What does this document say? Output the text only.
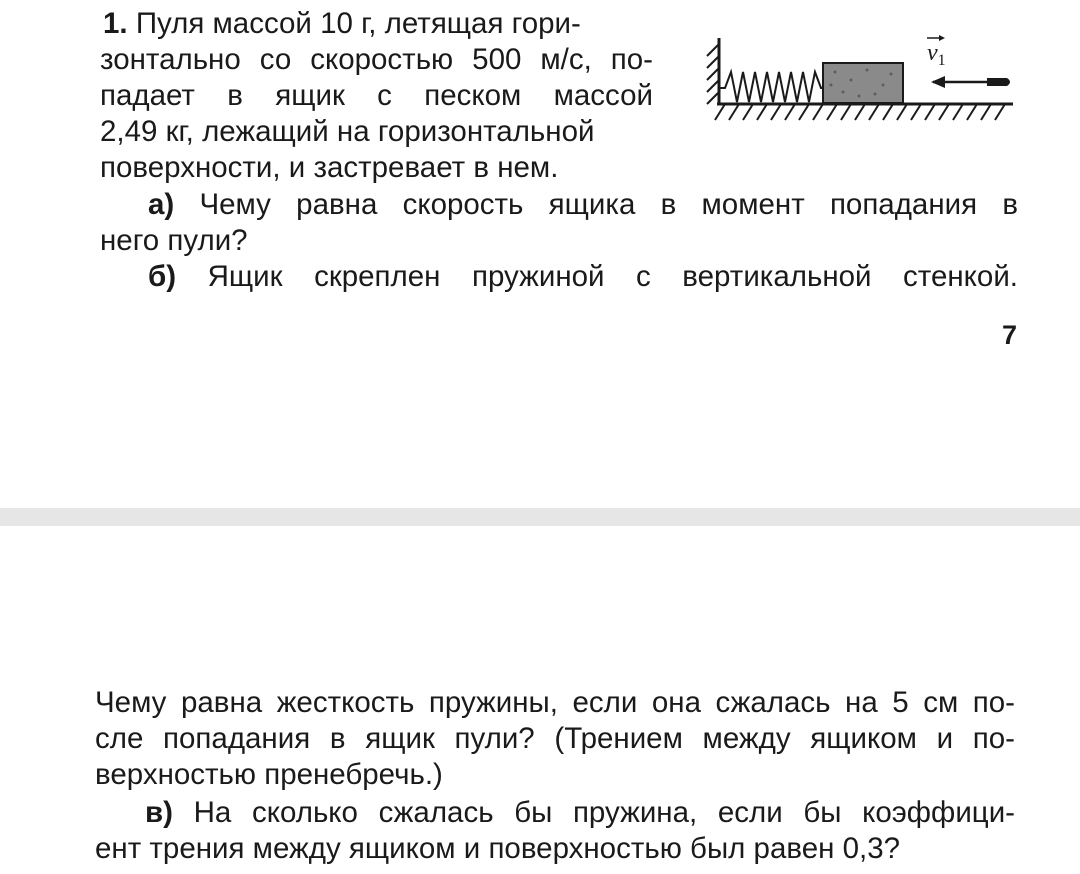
1. Пуля массой 10 г, летящая гори-
зонтально со скоростью 500 м/с, по-
падает в ящик с песком массой
2,49 кг, лежащий на горизонтальной
поверхности, и застревает в нем.
а) Чему равна скорость ящика в момент попадания в
него пули?
б) Ящик скреплен пружиной с вертикальной стенкой.
7
$v_1$
Чему равна жесткость пружины, если она сжалась на 5 см по-
сле попадания в ящик пули? (Трением между ящиком и по-
верхностью пренебречь.)
в) На сколько сжалась бы пружина, если бы коэффици-
ент трения между ящиком и поверхностью был равен 0,3?
